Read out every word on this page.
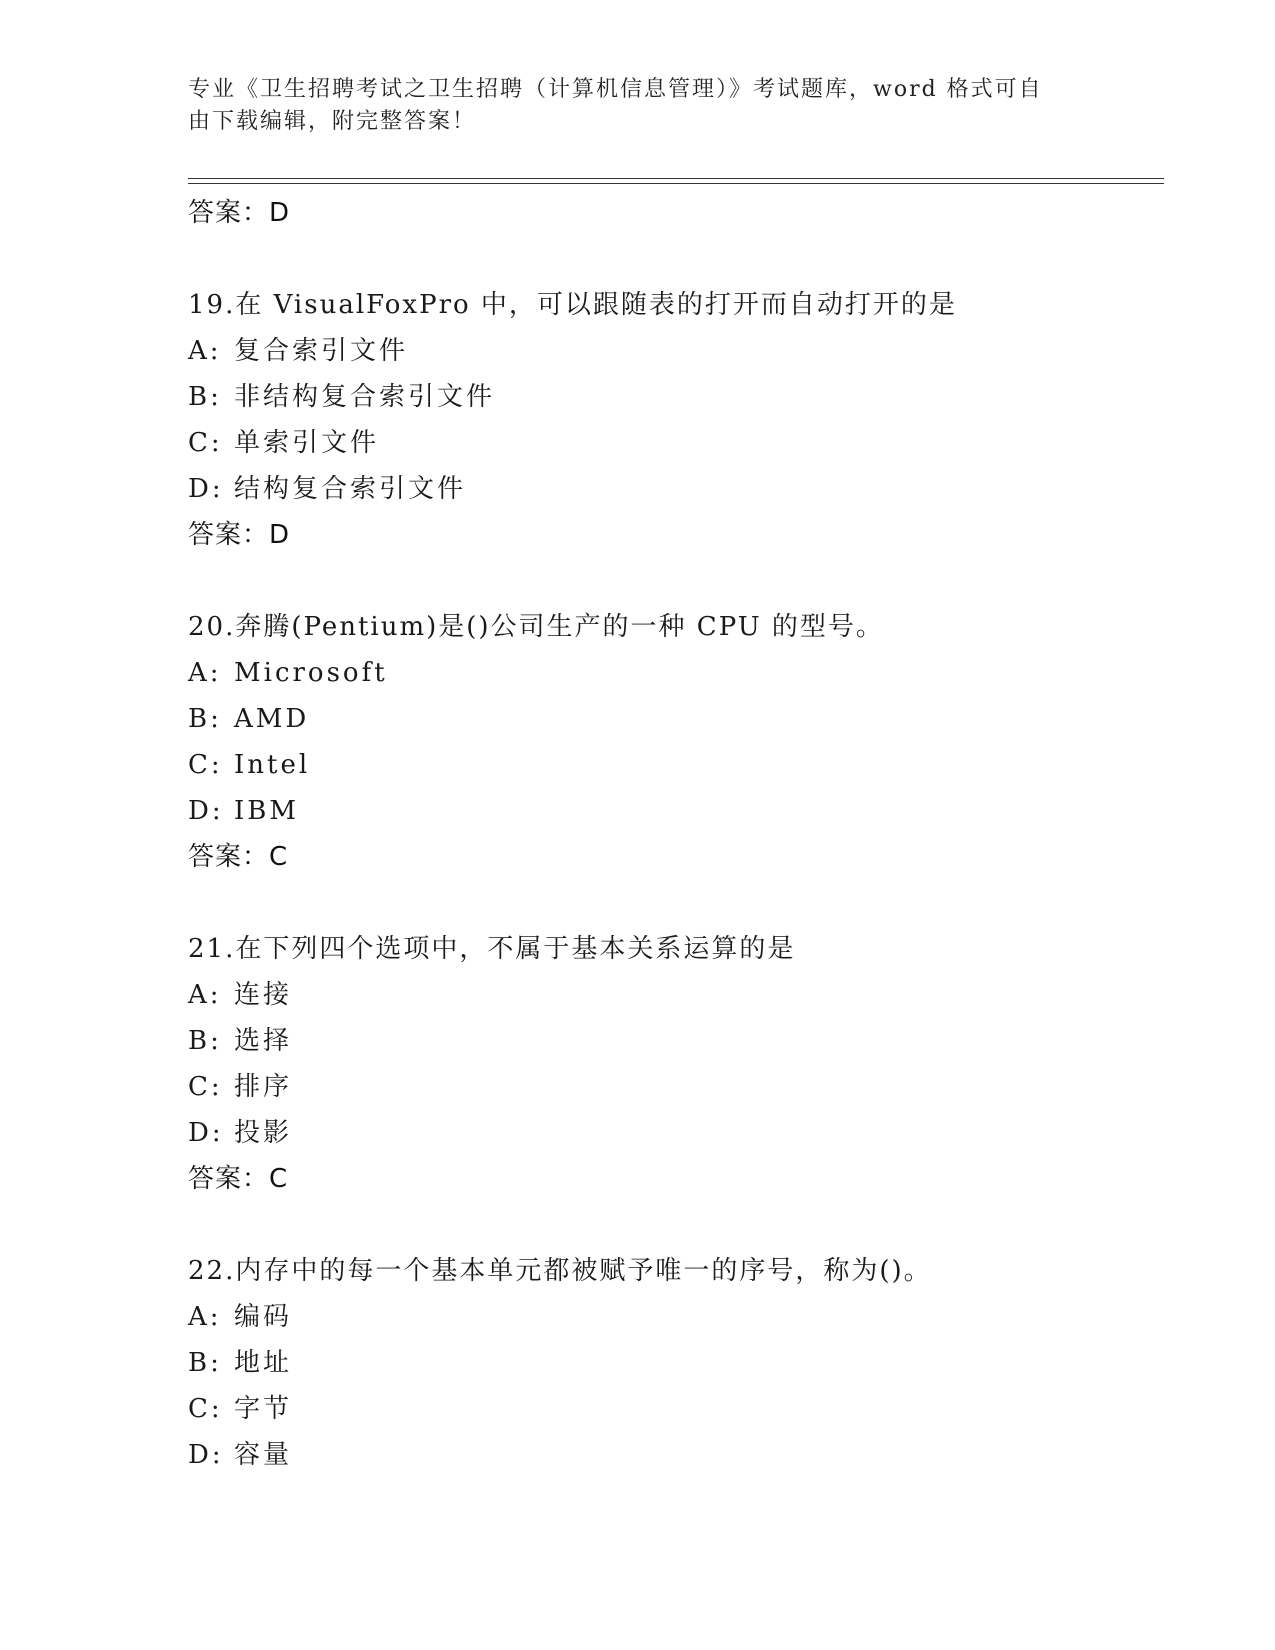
专业《卫生招聘考试之卫生招聘（计算机信息管理）》考试题库，word 格式可自
由下载编辑，附完整答案！
答案：D
19.在 VisualFoxPro 中，可以跟随表的打开而自动打开的是
A: 复合索引文件
B: 非结构复合索引文件
C: 单索引文件
D: 结构复合索引文件
答案：D
20.奔腾(Pentium)是()公司生产的一种 CPU 的型号。
A: Microsoft
B: AMD
C: Intel
D: IBM
答案：C
21.在下列四个选项中，不属于基本关系运算的是
A: 连接
B: 选择
C: 排序
D: 投影
答案：C
22.内存中的每一个基本单元都被赋予唯一的序号，称为()。
A: 编码
B: 地址
C: 字节
D: 容量
